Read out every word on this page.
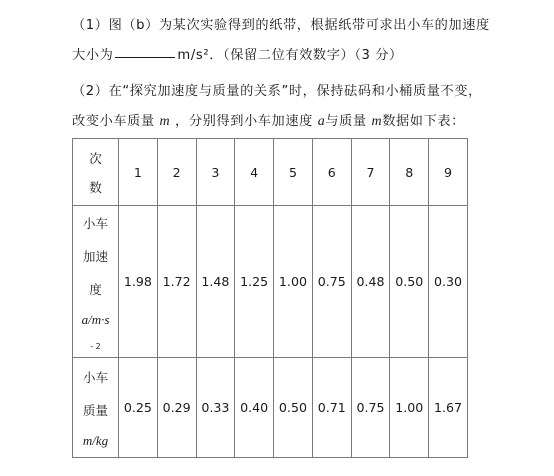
（1）图（b）为某次实验得到的纸带，根据纸带可求出小车的加速度
大小为	m/s²．（保留二位有效数字）（3 分）
（2）在“探究加速度与质量的关系”时，保持砝码和小桶质量不变，
改变小车质量 m ，分别得到小车加速度 a与质量 m数据如下表：
次
数	1	2	3	4	5	6	7	8	9

小车
加速
度
a/m·s
- 2	1.98	1.72	1.48	1.25	1.00	0.75	0.48	0.50	0.30

小车
质量
m/kg	0.25	0.29	0.33	0.40	0.50	0.71	0.75	1.00	1.67
